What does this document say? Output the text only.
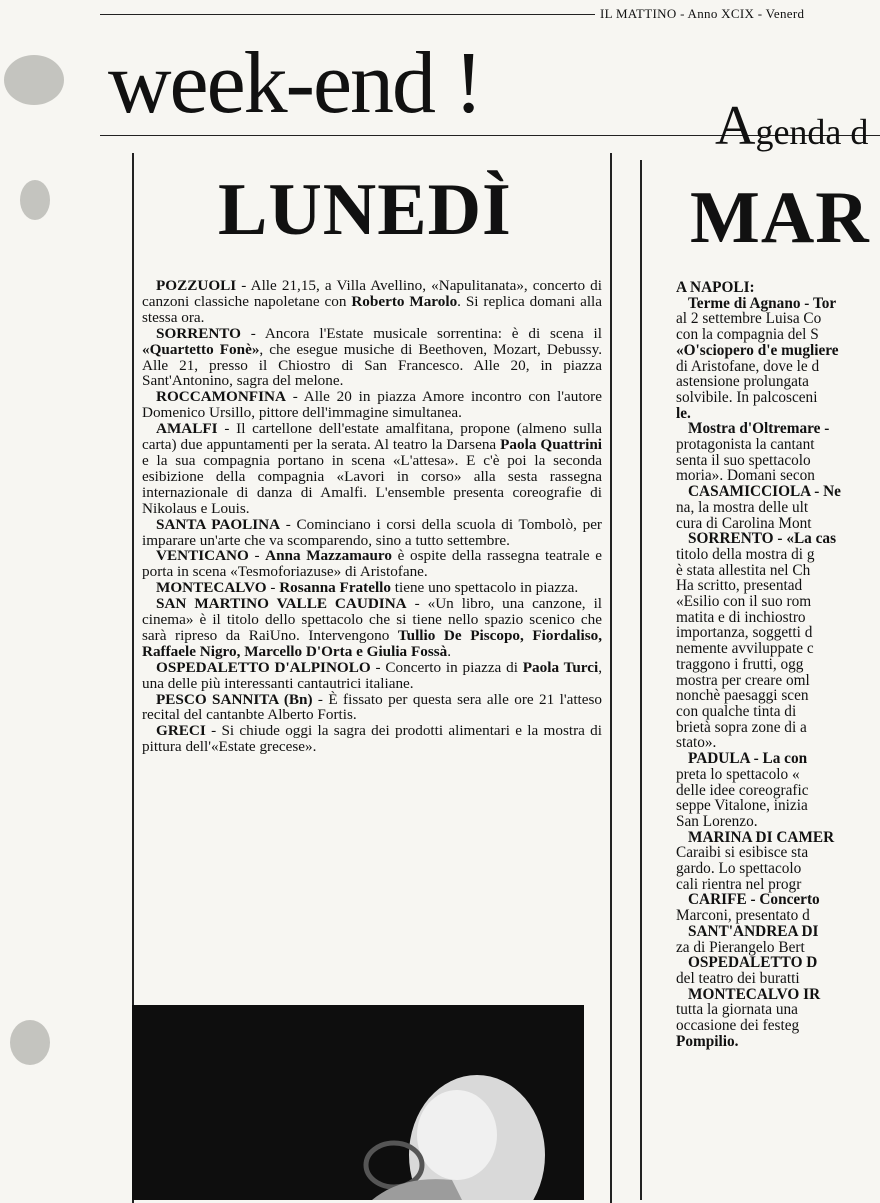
IL MATTINO - Anno XCIX - Venerd
week-end !	Agenda d
LUNEDÌ

POZZUOLI - Alle 21,15, a Villa Avellino, «Napulitanata», concerto di canzoni classiche napoletane con Roberto Marolo. Si replica domani alla stessa ora.

SORRENTO - Ancora l'Estate musicale sorrentina: è di scena il «Quartetto Fonè», che esegue musiche di Beethoven, Mozart, Debussy. Alle 21, presso il Chiostro di San Francesco. Alle 20, in piazza Sant'Antonino, sagra del melone.

ROCCAMONFINA - Alle 20 in piazza Amore incontro con l'autore Domenico Ursillo, pittore dell'immagine simultanea.

AMALFI - Il cartellone dell'estate amalfitana, propone (almeno sulla carta) due appuntamenti per la serata. Al teatro la Darsena Paola Quattrini e la sua compagnia portano in scena «L'attesa». E c'è poi la seconda esibizione della compagnia «Lavori in corso» alla sesta rassegna internazionale di danza di Amalfi. L'ensemble presenta coreografie di Nikolaus e Louis.

SANTA PAOLINA - Cominciano i corsi della scuola di Tombolò, per imparare un'arte che va scomparendo, sino a tutto settembre.

VENTICANO - Anna Mazzamauro è ospite della rassegna teatrale e porta in scena «Tesmoforiazuse» di Aristofane.

MONTECALVO - Rosanna Fratello tiene uno spettacolo in piazza.

SAN MARTINO VALLE CAUDINA - «Un libro, una canzone, il cinema» è il titolo dello spettacolo che si tiene nello spazio scenico che sarà ripreso da RaiUno. Intervengono Tullio De Piscopo, Fiordaliso, Raffaele Nigro, Marcello D'Orta e Giulia Fossà.

OSPEDALETTO D'ALPINOLO - Concerto in piazza di Paola Turci, una delle più interessanti cantautrici italiane.

PESCO SANNITA (Bn) - È fissato per questa sera alle ore 21 l'atteso recital del cantanbte Alberto Fortis.

GRECI - Si chiude oggi la sagra dei prodotti alimentari e la mostra di pittura dell'«Estate grecese».

MAR
A NAPOLI:
Terme di Agnano - Tor
al 2 settembre Luisa Co
con la compagnia del S
«O'sciopero d'e mugliere
di Aristofane, dove le d
astensione prolungata
solvibile. In palcosceni
le.
Mostra d'Oltremare -
protagonista la cantant
senta il suo spettacolo
moria». Domani secon
CASAMICCIOLA - Ne
na, la mostra delle ult
cura di Carolina Mont
SORRENTO - «La cas
titolo della mostra di g
è stata allestita nel Ch
Ha scritto, presentad
«Esilio con il suo rom
matita e di inchiostro
importanza, soggetti d
nemente avviluppate c
traggono i frutti, ogg
mostra per creare oml
nonchè paesaggi scen
con qualche tinta di
brietà sopra zone di a
stato».
PADULA - La con
preta lo spettacolo «
delle idee coreografic
seppe Vitalone, inizia
San Lorenzo.
MARINA DI CAMER
Caraibi si esibisce sta
gardo. Lo spettacolo
cali rientra nel progr
CARIFE - Concerto
Marconi, presentato d
SANT'ANDREA DI
za di Pierangelo Bert
OSPEDALETTO D
del teatro dei buratti
MONTECALVO IR
tutta la giornata una
occasione dei festeg
Pompilio.
